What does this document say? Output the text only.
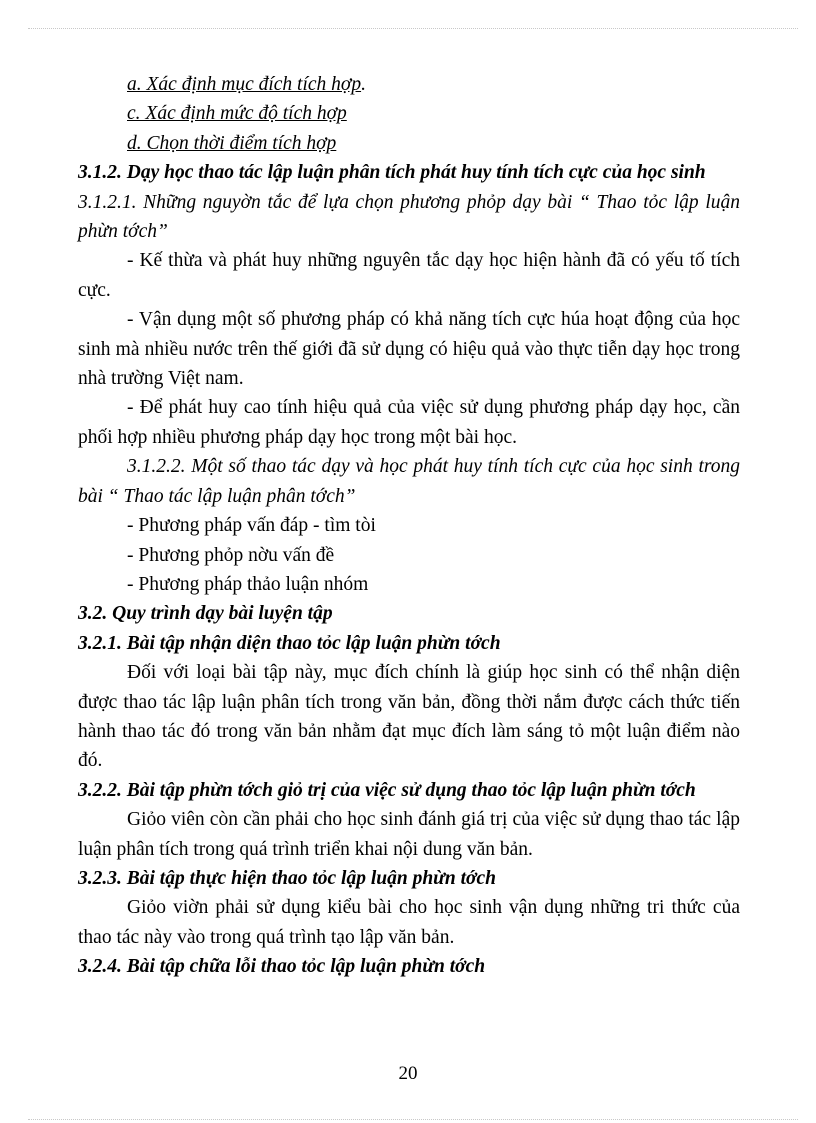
a. Xác định mục đích tích hợp.

c. Xác định mức độ tích hợp

d. Chọn thời điểm tích hợp

3.1.2. Dạy học thao tác lập luận phân tích phát huy tính tích cực của học sinh

3.1.2.1. Những nguyờn tắc để lựa chọn phương phỏp dạy bài “ Thao tỏc lập luận phừn tớch”

- Kế thừa và phát huy những nguyên tắc dạy học hiện hành đã có yếu tố tích cực.

- Vận dụng một số phương pháp có khả năng tích cực húa hoạt động của học sinh mà nhiều nước trên thế giới đã sử dụng có hiệu quả vào thực tiễn dạy học trong nhà trường Việt nam.

- Để phát huy cao tính hiệu quả của việc sử dụng phương pháp dạy học, cần phối hợp nhiều phương pháp dạy học trong một bài học.

3.1.2.2. Một số thao tác dạy và học phát huy tính tích cực của học sinh trong bài “ Thao tác lập luận phân tớch”

- Phương pháp vấn đáp - tìm tòi

- Phương phỏp nờu vấn đề

- Phương pháp thảo luận nhóm

3.2. Quy trình dạy bài luyện tập

3.2.1. Bài tập nhận diện thao tỏc lập luận phừn tớch

Đối với loại bài tập này, mục đích chính là giúp học sinh có thể nhận diện được thao tác lập luận phân tích trong văn bản, đồng thời nắm được cách thức tiến hành thao tác đó trong văn bản nhằm đạt mục đích làm sáng tỏ một luận điểm nào đó.

3.2.2. Bài tập phừn tớch giỏ trị của việc sử dụng thao tỏc lập luận phừn tớch

Giỏo viên còn cần phải cho học sinh đánh giá trị của việc sử dụng thao tác lập luận phân tích trong quá trình triển khai nội dung văn bản.

3.2.3. Bài tập thực hiện thao tỏc lập luận phừn tớch

Giỏo viờn phải sử dụng kiểu bài cho học sinh vận dụng những tri thức của thao tác này vào trong quá trình tạo lập văn bản.

3.2.4. Bài tập chữa lỗi thao tỏc lập luận phừn tớch

20
